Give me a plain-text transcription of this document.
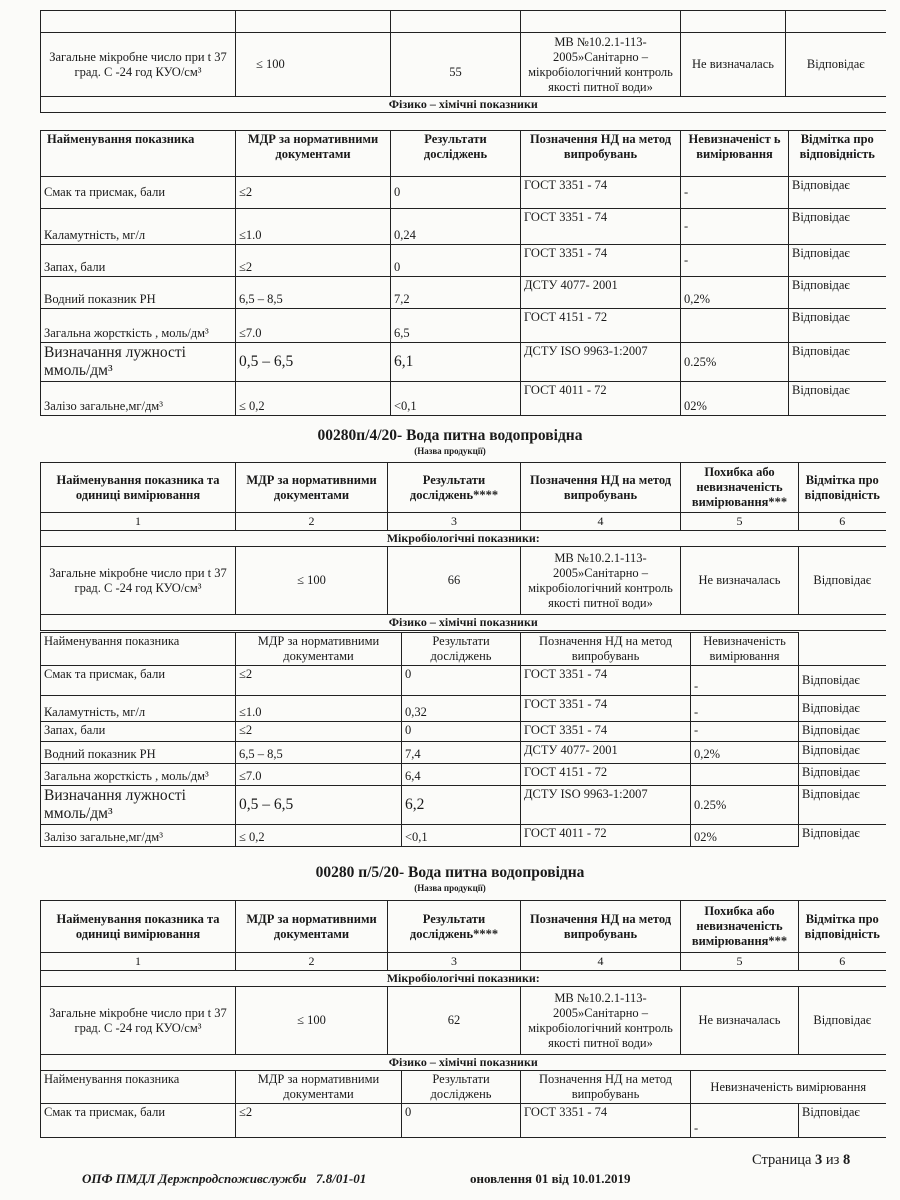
Загальне мікробне число при t 37 град. С -24 год КУО/см³	≤ 100	55	МВ №10.2.1-113-2005»Санітарно – мікробіологічний контроль якості питної води»	Не визначалась	Відповідає
Фізико – хімічні показники					
Найменування показника	МДР за нормативними документами	Результати досліджень	Позначення НД на метод випробувань	Невизначеніст ь вимірювання	Відмітка про відповідність
Смак та присмак, бали	≤2	0	ГОСТ 3351 - 74	-	Відповідає
Каламутність, мг/л	≤1.0	0,24	ГОСТ 3351 - 74	-	Відповідає
Запах, бали	≤2	0	ГОСТ 3351 - 74	-	Відповідає
Водний показник РН	6,5 – 8,5	7,2	ДСТУ 4077- 2001	0,2%	Відповідає
Загальна жорсткість , моль/дм³	≤7.0	6,5	ГОСТ 4151 - 72		Відповідає
Визначання лужності ммоль/дм³	0,5 – 6,5	6,1	ДСТУ ISO 9963-1:2007	0.25%	Відповідає
Залізо загальне,мг/дм³	≤ 0,2	<0,1	ГОСТ 4011 - 72	02%	Відповідає
00280п/4/20- Вода питна водопровідна
(Назва продукції)
Найменування показника та одиниці вимірювання	МДР за нормативними документами	Результати досліджень****	Позначення НД на метод випробувань	Похибка або невизначеність вимірювання***	Відмітка про відповідність
1	2	3	4	5	6
Мікробіологічні показники:					
Загальне мікробне число при t 37 град. С -24 год КУО/см³	≤ 100	66	МВ №10.2.1-113-2005»Санітарно – мікробіологічний контроль якості питної води»	Не визначалась	Відповідає
Фізико – хімічні показники					
Найменування показника	МДР за нормативними документами	Результати досліджень	Позначення НД на метод випробувань	Невизначеність вимірювання	
Смак та присмак, бали	≤2	0	ГОСТ 3351 - 74	-	Відповідає
Каламутність, мг/л	≤1.0	0,32	ГОСТ 3351 - 74	-	Відповідає
Запах, бали	≤2	0	ГОСТ 3351 - 74	-	Відповідає
Водний показник РН	6,5 – 8,5	7,4	ДСТУ 4077- 2001	0,2%	Відповідає
Загальна жорсткість , моль/дм³	≤7.0	6,4	ГОСТ 4151 - 72		Відповідає
Визначання лужності ммоль/дм³	0,5 – 6,5	6,2	ДСТУ ISO 9963-1:2007	0.25%	Відповідає
Залізо загальне,мг/дм³	≤ 0,2	<0,1	ГОСТ 4011 - 72	02%	Відповідає
00280 п/5/20- Вода питна водопровідна
(Назва продукції)
Найменування показника та одиниці вимірювання	МДР за нормативними документами	Результати досліджень****	Позначення НД на метод випробувань	Похибка або невизначеність вимірювання***	Відмітка про відповідність
1	2	3	4	5	6
Мікробіологічні показники:					
Загальне мікробне число при t 37 град. С -24 год КУО/см³	≤ 100	62	МВ №10.2.1-113-2005»Санітарно – мікробіологічний контроль якості питної води»	Не визначалась	Відповідає
Фізико – хімічні показники					
Найменування показника	МДР за нормативними документами	Результати досліджень	Позначення НД на метод випробувань	Невизначеність вимірювання	
Смак та присмак, бали	≤2	0	ГОСТ 3351 - 74	-	Відповідає
Страница 3 из 8
ОПФ ПМДЛ Держпродспоживслужби   7.8/01-01	оновлення 01 від 10.01.2019
